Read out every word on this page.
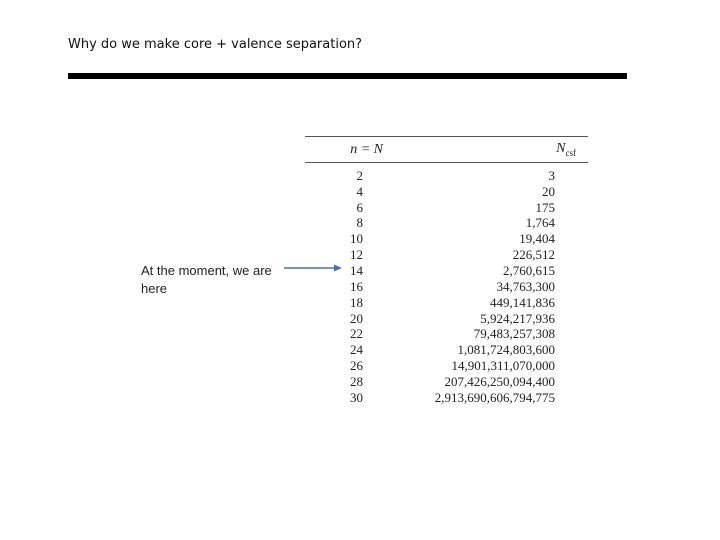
Why do we make core + valence separation?
At the moment, we are here
n = N	$N_{csf}$
2	3
4	20
6	175
8	1,764
10	19,404
12	226,512
14	2,760,615
16	34,763,300
18	449,141,836
20	5,924,217,936
22	79,483,257,308
24	1,081,724,803,600
26	14,901,311,070,000
28	207,426,250,094,400
30	2,913,690,606,794,775
